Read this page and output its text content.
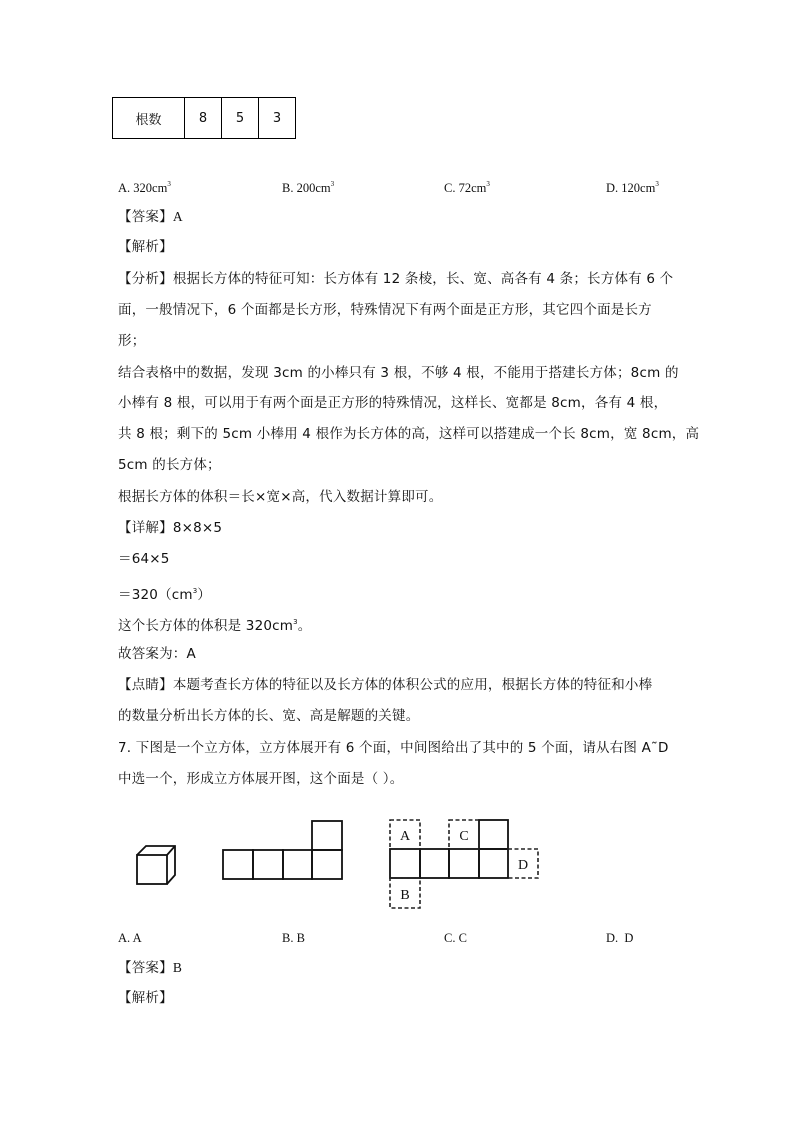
根数	8	5	3
A. $320cm^3$	B. $200cm^3$	C. $72cm^3$	D. $120cm^3$
【答案】A
【解析】
【分析】根据长方体的特征可知：长方体有 12 条棱，长、宽、高各有 4 条；长方体有 6 个
面，一般情况下，6 个面都是长方形，特殊情况下有两个面是正方形，其它四个面是长方
形；
结合表格中的数据，发现 3cm 的小棒只有 3 根，不够 4 根，不能用于搭建长方体；8cm 的
小棒有 8 根，可以用于有两个面是正方形的特殊情况，这样长、宽都是 8cm，各有 4 根，
共 8 根；剩下的 5cm 小棒用 4 根作为长方体的高，这样可以搭建成一个长 8cm，宽 8cm，高
5cm 的长方体；
根据长方体的体积＝长×宽×高，代入数据计算即可。
【详解】8×8×5
＝64×5
$=320(cm^3)$
这个长方体的体积是 $320cm^3$。
故答案为：A
【点睛】本题考查长方体的特征以及长方体的体积公式的应用，根据长方体的特征和小棒
的数量分析出长方体的长、宽、高是解题的关键。
7. 下图是一个立方体，立方体展开有 6 个面，中间图给出了其中的 5 个面，请从右图 A˜D
中选一个，形成立方体展开图，这个面是（ ）。
A
B
C
D
A. A	B. B	C. C	D. D
【答案】B
【解析】
